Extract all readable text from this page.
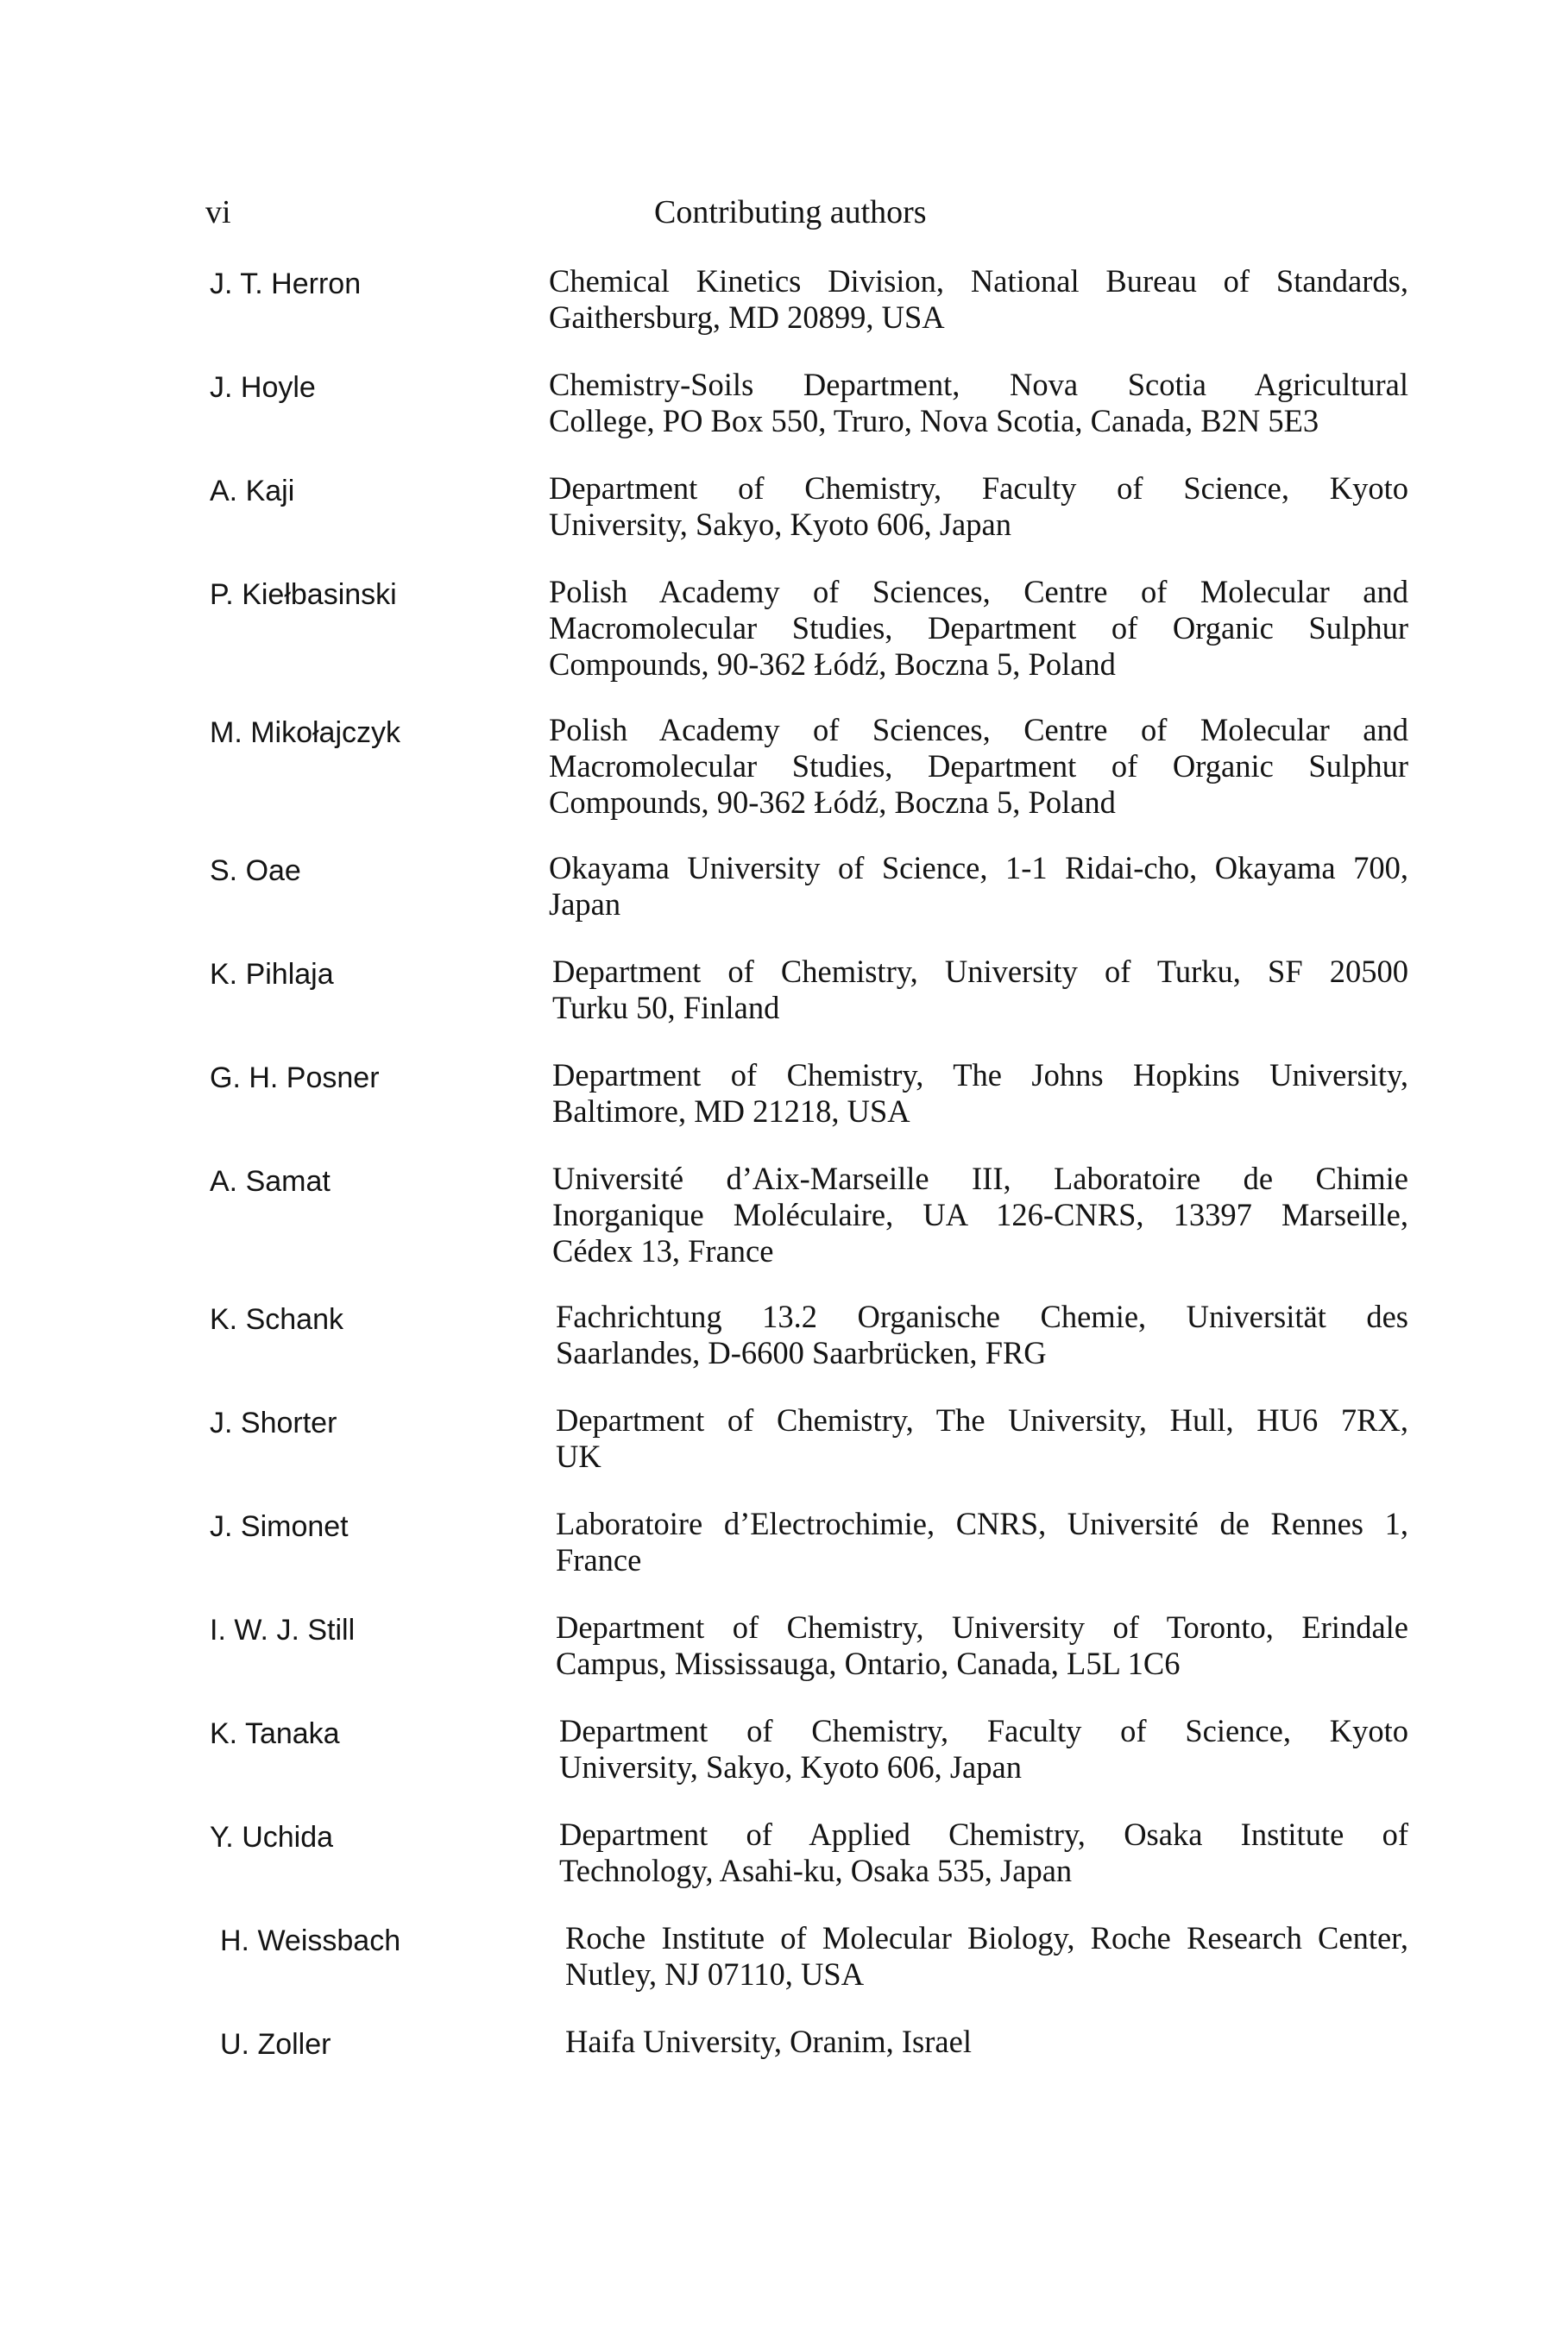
vi	Contributing authors
J. T. Herron	Chemical Kinetics Division, National Bureau of Standards,
Gaithersburg, MD 20899, USA
J. Hoyle	Chemistry-Soils Department, Nova Scotia Agricultural
College, PO Box 550, Truro, Nova Scotia, Canada, B2N 5E3
A. Kaji	Department of Chemistry, Faculty of Science, Kyoto
University, Sakyo, Kyoto 606, Japan
P. Kiełbasinski	Polish Academy of Sciences, Centre of Molecular and
Macromolecular Studies, Department of Organic Sulphur
Compounds, 90-362 Łódź, Boczna 5, Poland
M. Mikołajczyk	Polish Academy of Sciences, Centre of Molecular and
Macromolecular Studies, Department of Organic Sulphur
Compounds, 90-362 Łódź, Boczna 5, Poland
S. Oae	Okayama University of Science, 1-1 Ridai-cho, Okayama 700,
Japan
K. Pihlaja	Department of Chemistry, University of Turku, SF 20500
Turku 50, Finland
G. H. Posner	Department of Chemistry, The Johns Hopkins University,
Baltimore, MD 21218, USA
A. Samat	Université d’Aix-Marseille III, Laboratoire de Chimie
Inorganique Moléculaire, UA 126-CNRS, 13397 Marseille,
Cédex 13, France
K. Schank	Fachrichtung 13.2 Organische Chemie, Universität des
Saarlandes, D-6600 Saarbrücken, FRG
J. Shorter	Department of Chemistry, The University, Hull, HU6 7RX,
UK
J. Simonet	Laboratoire d’Electrochimie, CNRS, Université de Rennes 1,
France
I. W. J. Still	Department of Chemistry, University of Toronto, Erindale
Campus, Mississauga, Ontario, Canada, L5L 1C6
K. Tanaka	Department of Chemistry, Faculty of Science, Kyoto
University, Sakyo, Kyoto 606, Japan
Y. Uchida	Department of Applied Chemistry, Osaka Institute of
Technology, Asahi-ku, Osaka 535, Japan
H. Weissbach	Roche Institute of Molecular Biology, Roche Research Center,
Nutley, NJ 07110, USA
U. Zoller	Haifa University, Oranim, Israel
